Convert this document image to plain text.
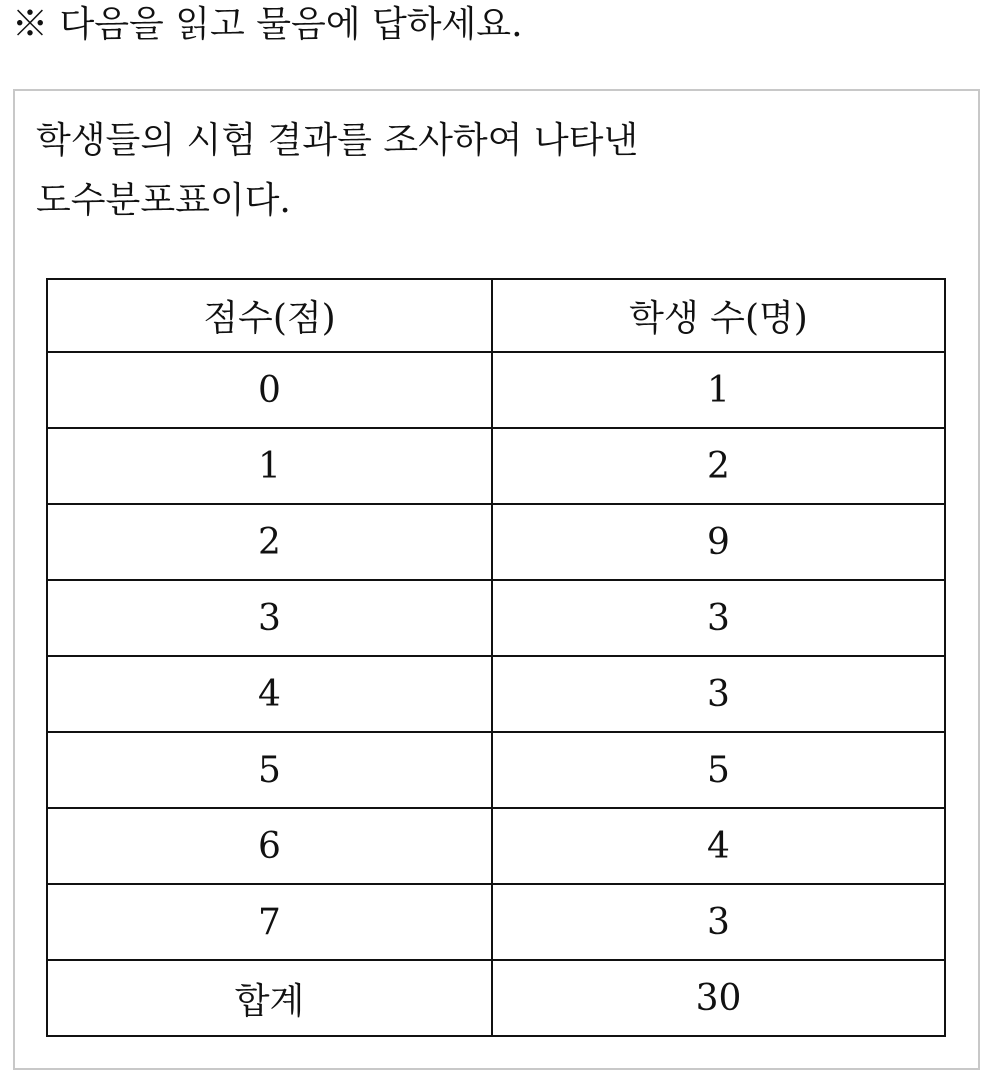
※ 다음을 읽고 물음에 답하세요.
학생들의 시험 결과를 조사하여 나타낸
도수분포표이다.
점수(점)	학생 수(명)
0	1
1	2
2	9
3	3
4	3
5	5
6	4
7	3
합계	30
